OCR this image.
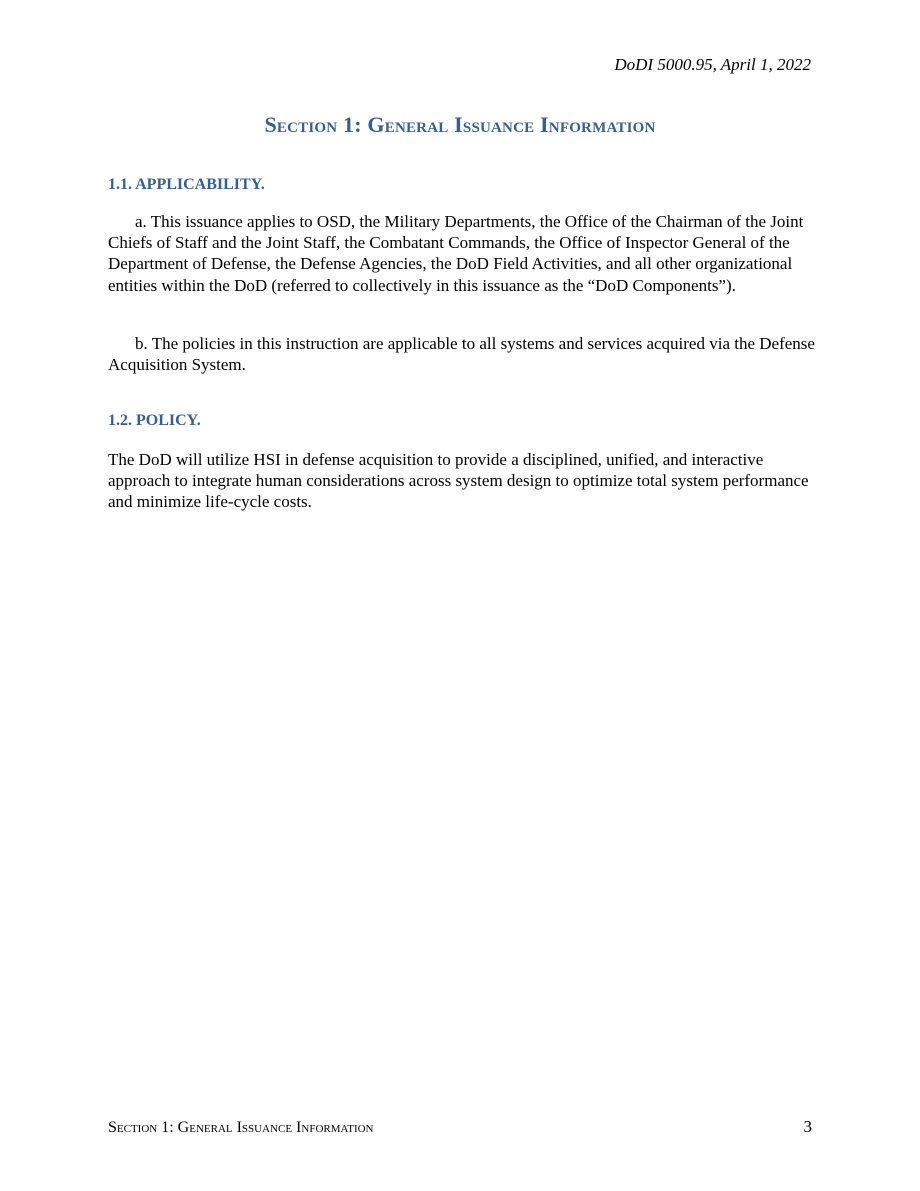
DoDI 5000.95, April 1, 2022
Section 1: General Issuance Information
1.1. APPLICABILITY.

a. This issuance applies to OSD, the Military Departments, the Office of the Chairman of the Joint Chiefs of Staff and the Joint Staff, the Combatant Commands, the Office of Inspector General of the Department of Defense, the Defense Agencies, the DoD Field Activities, and all other organizational entities within the DoD (referred to collectively in this issuance as the “DoD Components”).

b. The policies in this instruction are applicable to all systems and services acquired via the Defense Acquisition System.

1.2. POLICY.

The DoD will utilize HSI in defense acquisition to provide a disciplined, unified, and interactive approach to integrate human considerations across system design to optimize total system performance and minimize life-cycle costs.

Section 1: General Issuance Information	3
